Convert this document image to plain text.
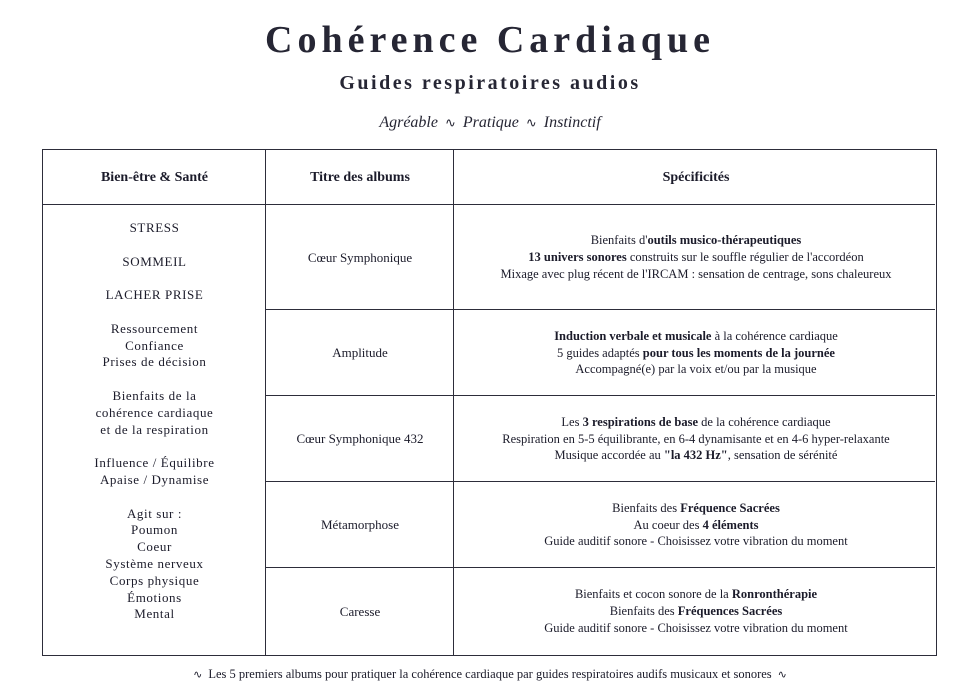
Cohérence Cardiaque
Guides respiratoires audios
Agréable ∿ Pratique ∿ Instinctif
Bien-être & Santé	Titre des albums	Spécificités
STRESS
SOMMEIL
LACHER PRISE
Ressourcement
Confiance
Prises de décision
Bienfaits de la
cohérence cardiaque
et de la respiration
Influence / Équilibre
Apaise / Dynamise
Agit sur :
Poumon
Coeur
Système nerveux
Corps physique
Émotions
Mental
Cœur Symphonique
Amplitude
Cœur Symphonique 432
Métamorphose
Caresse
Bienfaits d'outils musico-thérapeutiques
13 univers sonores construits sur le souffle régulier de l'accordéon
Mixage avec plug récent de l'IRCAM : sensation de centrage, sons chaleureux
Induction verbale et musicale à la cohérence cardiaque
5 guides adaptés pour tous les moments de la journée
Accompagné(e) par la voix et/ou par la musique
Les 3 respirations de base de la cohérence cardiaque
Respiration en 5-5 équilibrante, en 6-4 dynamisante et en 4-6 hyper-relaxante
Musique accordée au "la 432 Hz", sensation de sérénité
Bienfaits des Fréquence Sacrées
Au coeur des 4 éléments
Guide auditif sonore - Choisissez votre vibration du moment
Bienfaits et cocon sonore de la Ronronthérapie
Bienfaits des Fréquences Sacrées
Guide auditif sonore - Choisissez votre vibration du moment
∿ Les 5 premiers albums pour pratiquer la cohérence cardiaque par guides respiratoires audifs musicaux et sonores ∿
